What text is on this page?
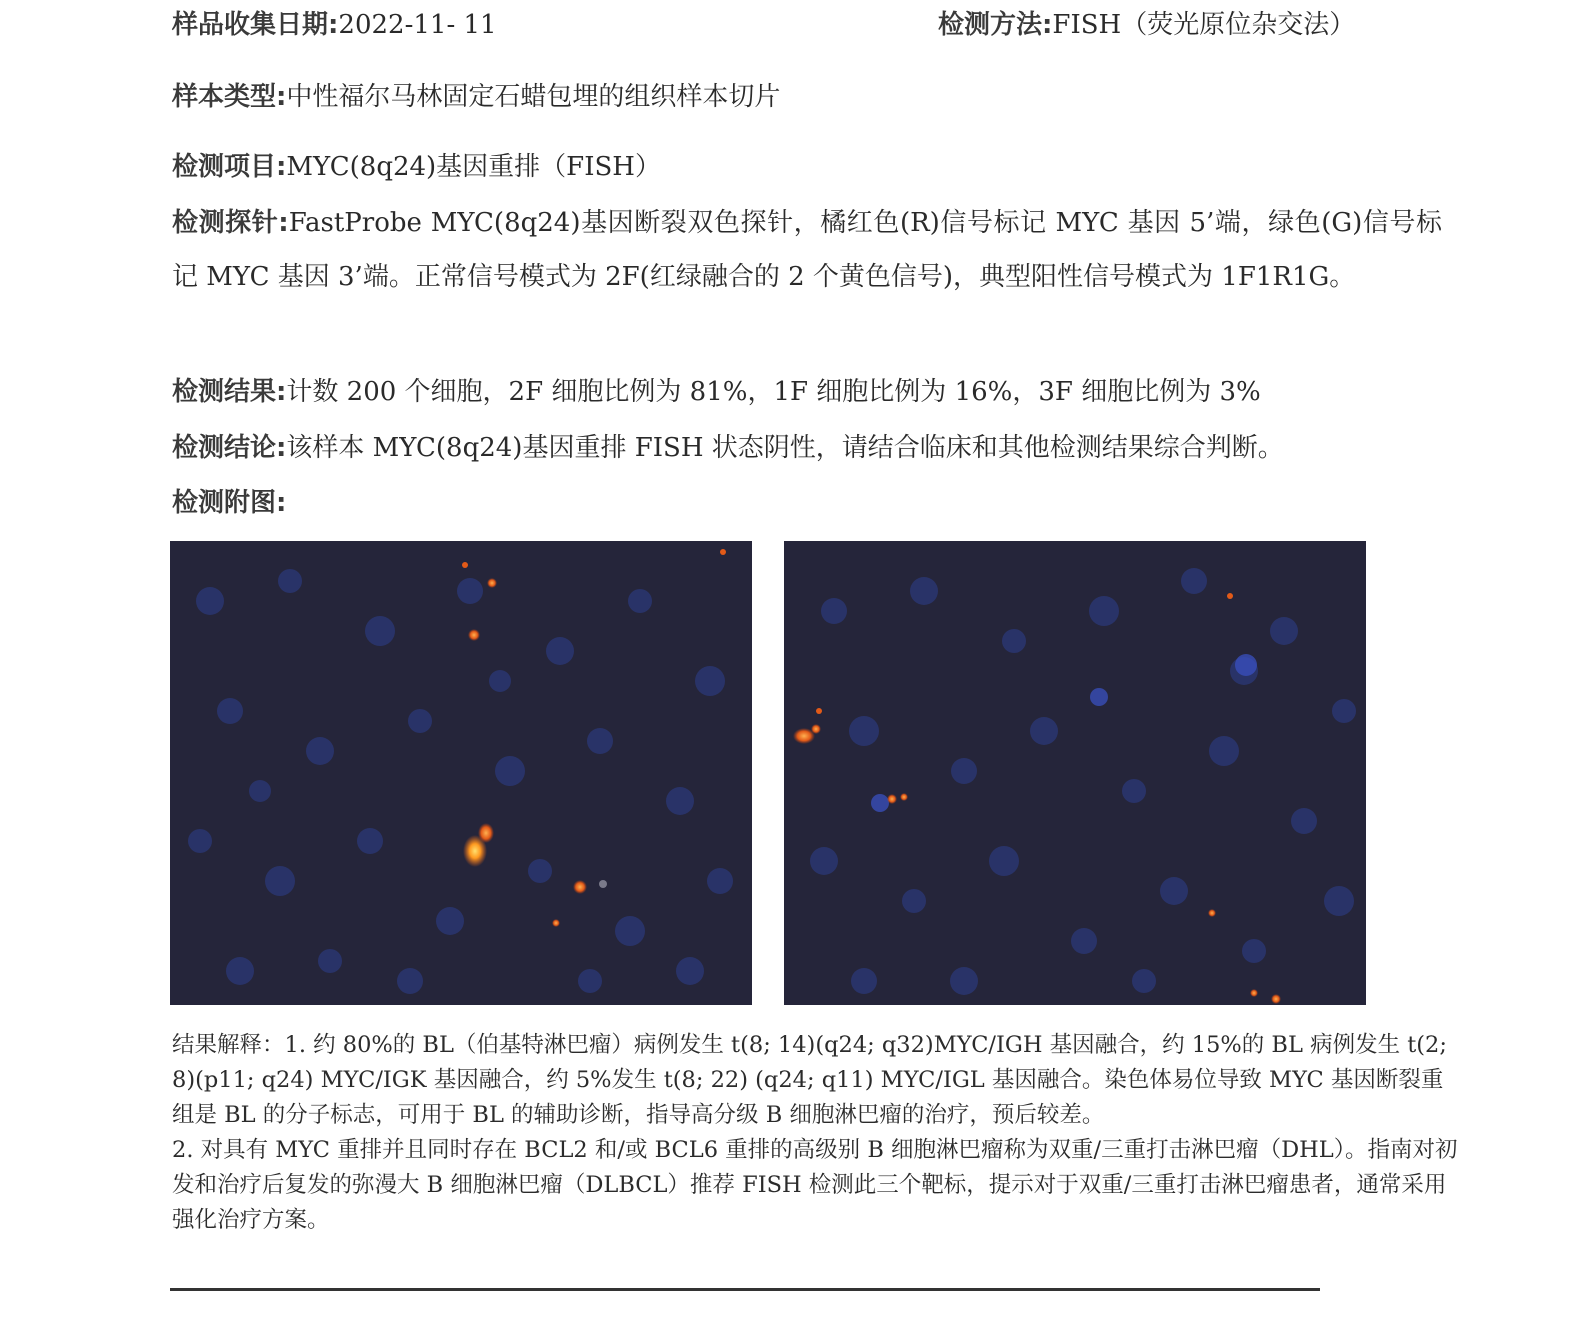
样品收集日期:2022-11- 11	检测方法:FISH（荧光原位杂交法）
样本类型:中性福尔马林固定石蜡包埋的组织样本切片
检测项目:MYC(8q24)基因重排（FISH）
检测探针:FastProbe MYC(8q24)基因断裂双色探针，橘红色(R)信号标记 MYC 基因 5’端，绿色(G)信号标记 MYC 基因 3’端。正常信号模式为 2F(红绿融合的 2 个黄色信号)，典型阳性信号模式为 1F1R1G。
检测结果:计数 200 个细胞，2F 细胞比例为 81%，1F 细胞比例为 16%，3F 细胞比例为 3%
检测结论:该样本 MYC(8q24)基因重排 FISH 状态阴性，请结合临床和其他检测结果综合判断。
检测附图:

结果解释：1. 约 80%的 BL（伯基特淋巴瘤）病例发生 t(8; 14)(q24; q32)MYC/IGH 基因融合，约 15%的 BL 病例发生 t(2; 8)(p11; q24) MYC/IGK 基因融合，约 5%发生 t(8; 22) (q24; q11) MYC/IGL 基因融合。染色体易位导致 MYC 基因断裂重组是 BL 的分子标志，可用于 BL 的辅助诊断，指导高分级 B 细胞淋巴瘤的治疗，预后较差。

2. 对具有 MYC 重排并且同时存在 BCL2 和/或 BCL6 重排的高级别 B 细胞淋巴瘤称为双重/三重打击淋巴瘤（DHL）。指南对初发和治疗后复发的弥漫大 B 细胞淋巴瘤（DLBCL）推荐 FISH 检测此三个靶标，提示对于双重/三重打击淋巴瘤患者，通常采用强化治疗方案。
